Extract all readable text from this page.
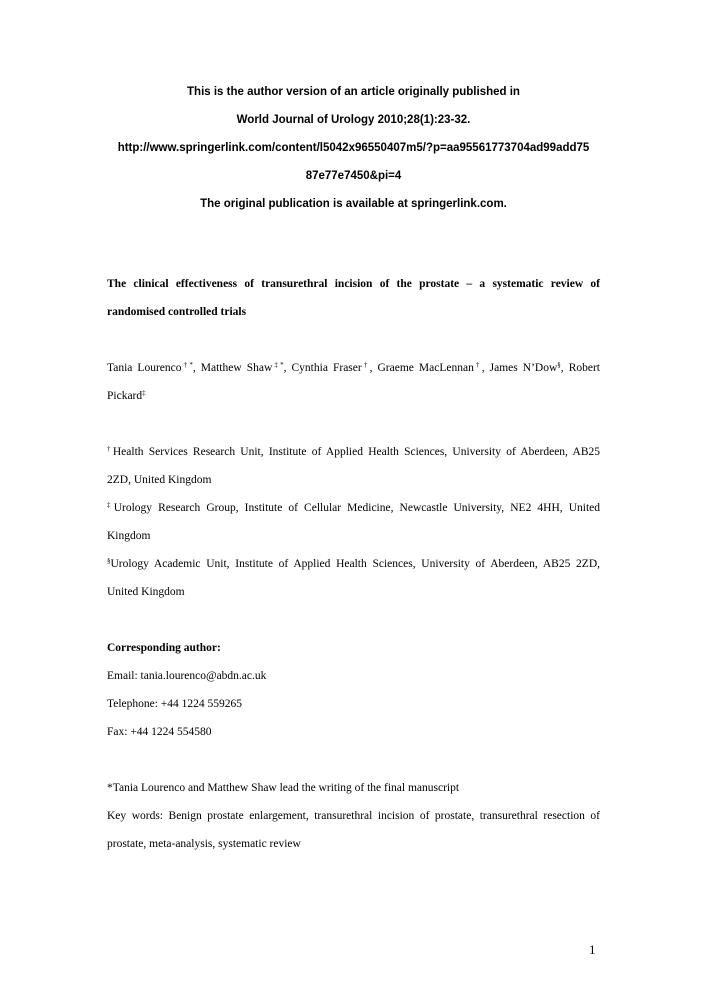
This is the author version of an article originally published in
World Journal of Urology 2010;28(1):23-32.
http://www.springerlink.com/content/l5042x96550407m5/?p=aa95561773704ad99add75
87e77e7450&pi=4
The original publication is available at springerlink.com.
The clinical effectiveness of transurethral incision of the prostate – a systematic review of
randomised controlled trials
Tania Lourenco†*, Matthew Shaw‡*, Cynthia Fraser†, Graeme MacLennan†, James N’Dow§, Robert
Pickard‡
†Health Services Research Unit, Institute of Applied Health Sciences, University of Aberdeen, AB25
2ZD, United Kingdom
‡Urology Research Group, Institute of Cellular Medicine, Newcastle University, NE2 4HH, United
Kingdom
§Urology Academic Unit, Institute of Applied Health Sciences, University of Aberdeen, AB25 2ZD,
United Kingdom
Corresponding author:
Email: tania.lourenco@abdn.ac.uk
Telephone: +44 1224 559265
Fax: +44 1224 554580
*Tania Lourenco and Matthew Shaw lead the writing of the final manuscript
Key words: Benign prostate enlargement, transurethral incision of prostate, transurethral resection of
prostate, meta-analysis, systematic review
1
